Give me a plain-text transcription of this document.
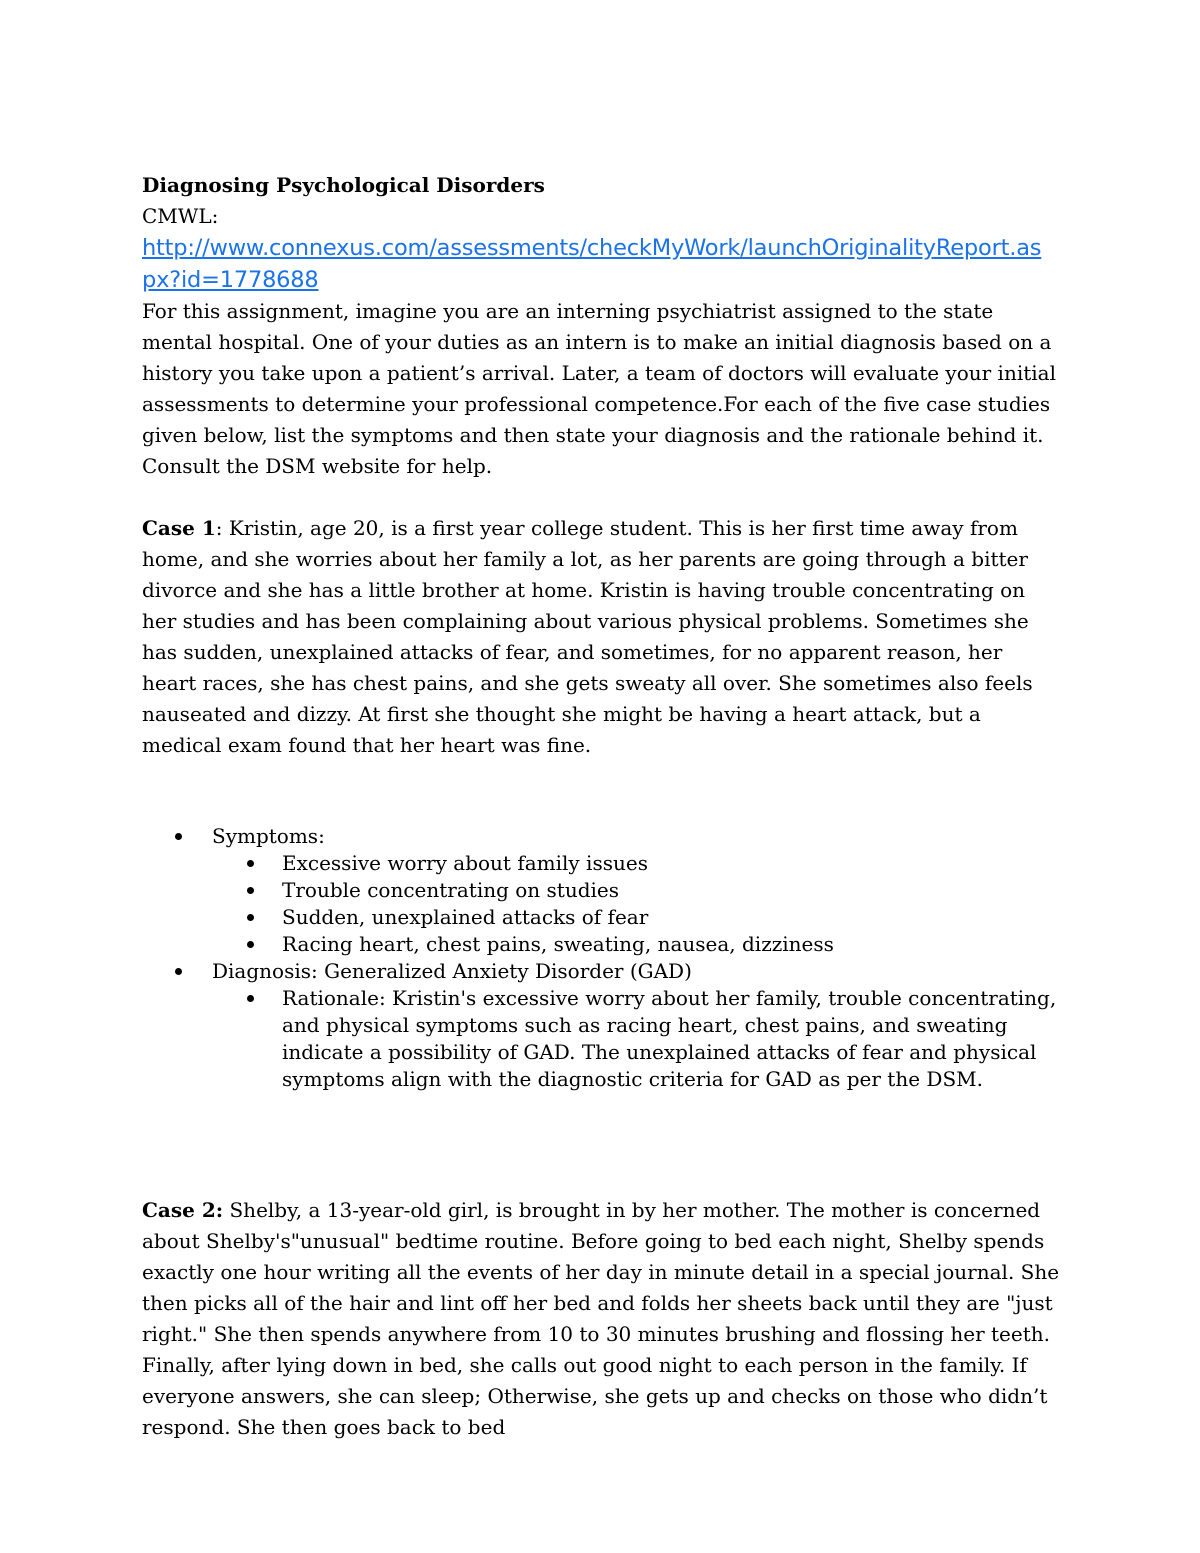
Diagnosing Psychological Disorders

CMWL:

http://www.connexus.com/assessments/checkMyWork/launchOriginalityReport.aspx?id=1778688

For this assignment, imagine you are an interning psychiatrist assigned to the state mental hospital. One of your duties as an intern is to make an initial diagnosis based on a history you take upon a patient’s arrival. Later, a team of doctors will evaluate your initial assessments to determine your professional competence.For each of the five case studies given below, list the symptoms and then state your diagnosis and the rationale behind it. Consult the DSM website for help.

Case 1: Kristin, age 20, is a first year college student. This is her first time away from home, and she worries about her family a lot, as her parents are going through a bitter divorce and she has a little brother at home. Kristin is having trouble concentrating on her studies and has been complaining about various physical problems. Sometimes she has sudden, unexplained attacks of fear, and sometimes, for no apparent reason, her heart races, she has chest pains, and she gets sweaty all over. She sometimes also feels nauseated and dizzy. At first she thought she might be having a heart attack, but a medical exam found that her heart was fine.

Symptoms:
Excessive worry about family issues
Trouble concentrating on studies
Sudden, unexplained attacks of fear
Racing heart, chest pains, sweating, nausea, dizziness
Diagnosis: Generalized Anxiety Disorder (GAD)
Rationale: Kristin's excessive worry about her family, trouble concentrating, and physical symptoms such as racing heart, chest pains, and sweating indicate a possibility of GAD. The unexplained attacks of fear and physical symptoms align with the diagnostic criteria for GAD as per the DSM.

Case 2: Shelby, a 13-year-old girl, is brought in by her mother. The mother is concerned about Shelby's"unusual" bedtime routine. Before going to bed each night, Shelby spends exactly one hour writing all the events of her day in minute detail in a special journal. She then picks all of the hair and lint off her bed and folds her sheets back until they are "just right." She then spends anywhere from 10 to 30 minutes brushing and flossing her teeth. Finally, after lying down in bed, she calls out good night to each person in the family. If everyone answers, she can sleep; Otherwise, she gets up and checks on those who didn’t respond. She then goes back to bed
